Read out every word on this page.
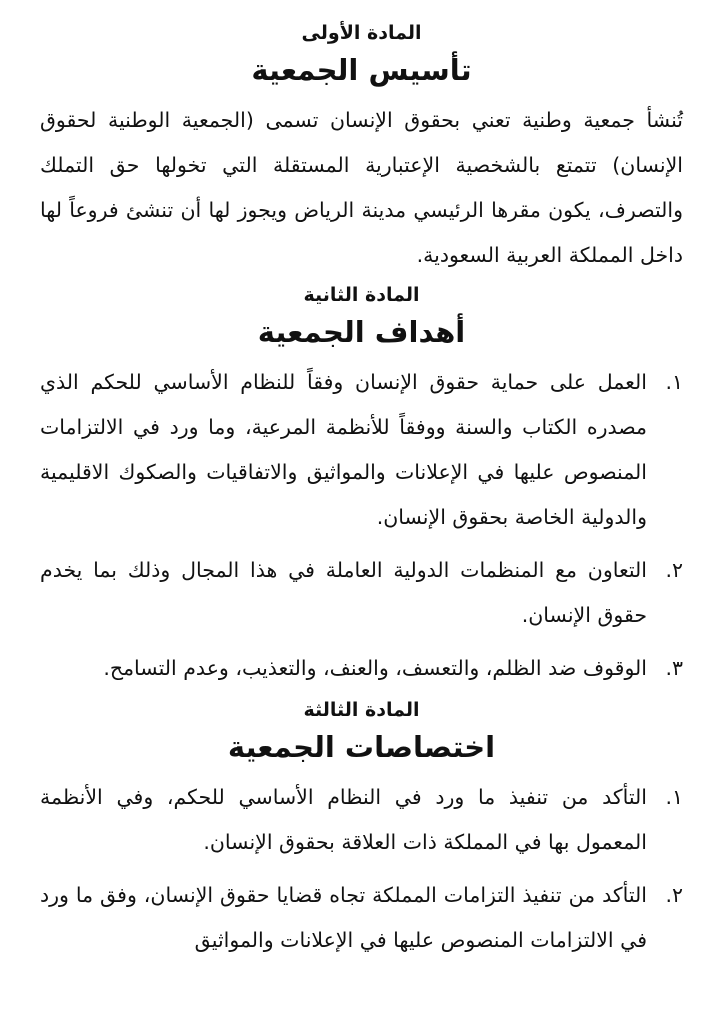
المادة الأولى
تأسيس الجمعية

تُنشأ جمعية وطنية تعني بحقوق الإنسان تسمى (الجمعية الوطنية لحقوق الإنسان) تتمتع بالشخصية الإعتبارية المستقلة التي تخولها حق التملك والتصرف، يكون مقرها الرئيسي مدينة الرياض ويجوز لها أن تنشئ فروعاً لها داخل المملكة العربية السعودية.

المادة الثانية
أهداف الجمعية
١.
العمل على حماية حقوق الإنسان وفقاً للنظام الأساسي للحكم الذي مصدره الكتاب والسنة ووفقاً للأنظمة المرعية، وما ورد في الالتزامات المنصوص عليها في الإعلانات والمواثيق والاتفاقيات والصكوك الاقليمية والدولية الخاصة بحقوق الإنسان.
٢.
التعاون مع المنظمات الدولية العاملة في هذا المجال وذلك بما يخدم حقوق الإنسان.
٣.
الوقوف ضد الظلم، والتعسف، والعنف، والتعذيب، وعدم التسامح.
المادة الثالثة
اختصاصات الجمعية
١.
التأكد من تنفيذ ما ورد في النظام الأساسي للحكم، وفي الأنظمة المعمول بها في المملكة ذات العلاقة بحقوق الإنسان.
٢.
التأكد من تنفيذ التزامات المملكة تجاه قضايا حقوق الإنسان، وفق ما ورد في الالتزامات المنصوص عليها في الإعلانات والمواثيق
